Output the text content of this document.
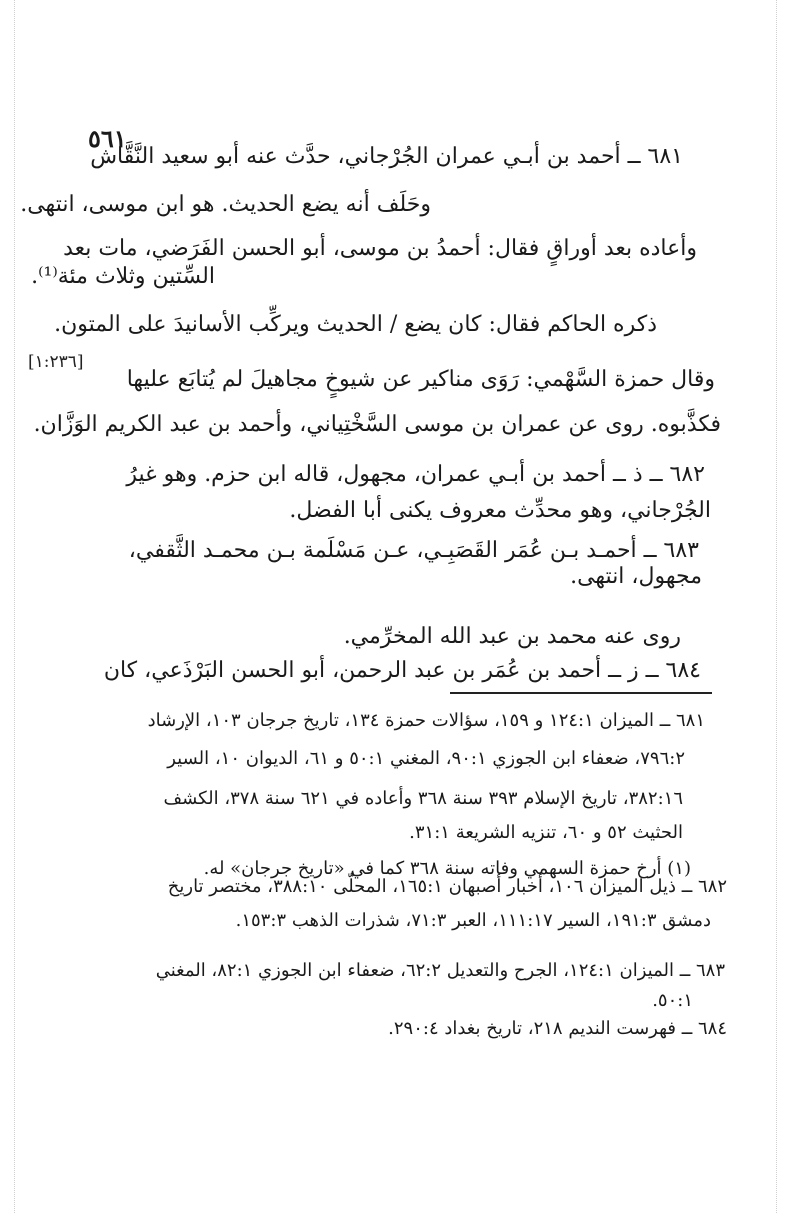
٥٦١
[١:٢٣٦]
٦٨١ ــ أحمد بن أبـي عمران الجُرْجاني، حدَّث عنه أبو سعيد النَّقَّاش
وحَلَف أنه يضع الحديث. هو ابن موسى، انتهى.
وأعاده بعد أوراقٍ فقال: أحمدُ بن موسى، أبو الحسن الفَرَضي، مات بعد
السِّتين وثلاث مئة⁽¹⁾.
ذكره الحاكم فقال: كان يضع / الحديث ويركِّب الأسانيدَ على المتون.
وقال حمزة السَّهْمي: رَوَى مناكير عن شيوخٍ مجاهيلَ لم يُتابَع عليها
فكذَّبوه. روى عن عمران بن موسى السَّخْتِياني، وأحمد بن عبد الكريم الوَزَّان.
٦٨٢ ــ ذ ــ أحمد بن أبـي عمران، مجهول، قاله ابن حزم. وهو غيرُ
الجُرْجاني، وهو محدِّث معروف يكنى أبا الفضل.
٦٨٣ ــ أحمـد بـن عُمَر القَصَبِـي، عـن مَسْلَمة بـن محمـد الثَّقفي،
مجهول، انتهى.
روى عنه محمد بن عبد الله المخرِّمي.
٦٨٤ ــ ز ــ أحمد بن عُمَر بن عبد الرحمن، أبو الحسن البَرْذَعي، كان
٦٨١ ــ الميزان ١٢٤:١ و ١٥٩، سؤالات حمزة ١٣٤، تاريخ جرجان ١٠٣، الإرشاد
٧٩٦:٢، ضعفاء ابن الجوزي ٩٠:١، المغني ٥٠:١ و ٦١، الديوان ١٠، السير
٣٨٢:١٦، تاريخ الإسلام ٣٩٣ سنة ٣٦٨ وأعاده في ٦٢١ سنة ٣٧٨، الكشف
الحثيث ٥٢ و ٦٠، تنزيه الشريعة ٣١:١.
(١) أرخ حمزة السهمي وفاته سنة ٣٦٨ كما في «تاريخ جرجان» له.
٦٨٢ ــ ذيل الميزان ١٠٦، أخبار أصبهان ١٦٥:١، المحلّى ٣٨٨:١٠، مختصر تاريخ
دمشق ١٩١:٣، السير ١١١:١٧، العبر ٧١:٣، شذرات الذهب ١٥٣:٣.
٦٨٣ ــ الميزان ١٢٤:١، الجرح والتعديل ٦٢:٢، ضعفاء ابن الجوزي ٨٢:١، المغني
٥٠:١.
٦٨٤ ــ فهرست النديم ٢١٨، تاريخ بغداد ٢٩٠:٤.
